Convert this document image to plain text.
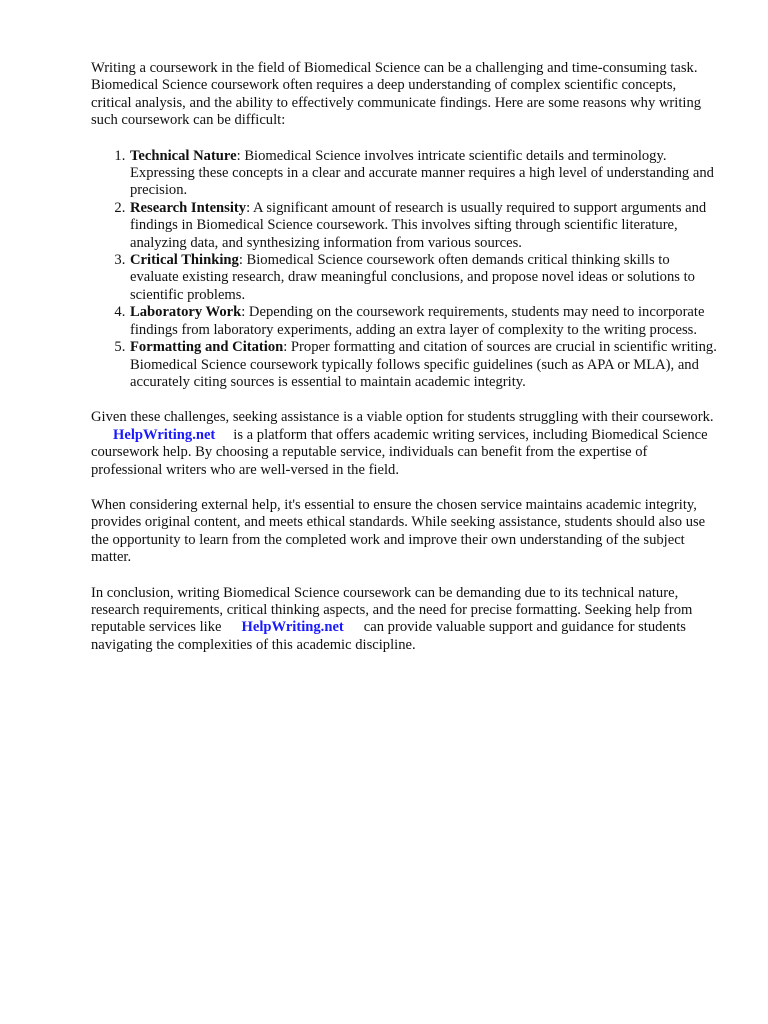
Writing a coursework in the field of Biomedical Science can be a challenging and time-consuming task. Biomedical Science coursework often requires a deep understanding of complex scientific concepts, critical analysis, and the ability to effectively communicate findings. Here are some reasons why writing such coursework can be difficult:

1. Technical Nature: Biomedical Science involves intricate scientific details and terminology. Expressing these concepts in a clear and accurate manner requires a high level of understanding and precision.
2. Research Intensity: A significant amount of research is usually required to support arguments and findings in Biomedical Science coursework. This involves sifting through scientific literature, analyzing data, and synthesizing information from various sources.
3. Critical Thinking: Biomedical Science coursework often demands critical thinking skills to evaluate existing research, draw meaningful conclusions, and propose novel ideas or solutions to scientific problems.
4. Laboratory Work: Depending on the coursework requirements, students may need to incorporate findings from laboratory experiments, adding an extra layer of complexity to the writing process.
5. Formatting and Citation: Proper formatting and citation of sources are crucial in scientific writing. Biomedical Science coursework typically follows specific guidelines (such as APA or MLA), and accurately citing sources is essential to maintain academic integrity.

Given these challenges, seeking assistance is a viable option for students struggling with their coursework.HelpWriting.net is a platform that offers academic writing services, including Biomedical Science coursework help. By choosing a reputable service, individuals can benefit from the expertise of professional writers who are well-versed in the field.

When considering external help, it's essential to ensure the chosen service maintains academic integrity, provides original content, and meets ethical standards. While seeking assistance, students should also use the opportunity to learn from the completed work and improve their own understanding of the subject matter.

In conclusion, writing Biomedical Science coursework can be demanding due to its technical nature, research requirements, critical thinking aspects, and the need for precise formatting. Seeking help from reputable services like HelpWriting.net can provide valuable support and guidance for students navigating the complexities of this academic discipline.
